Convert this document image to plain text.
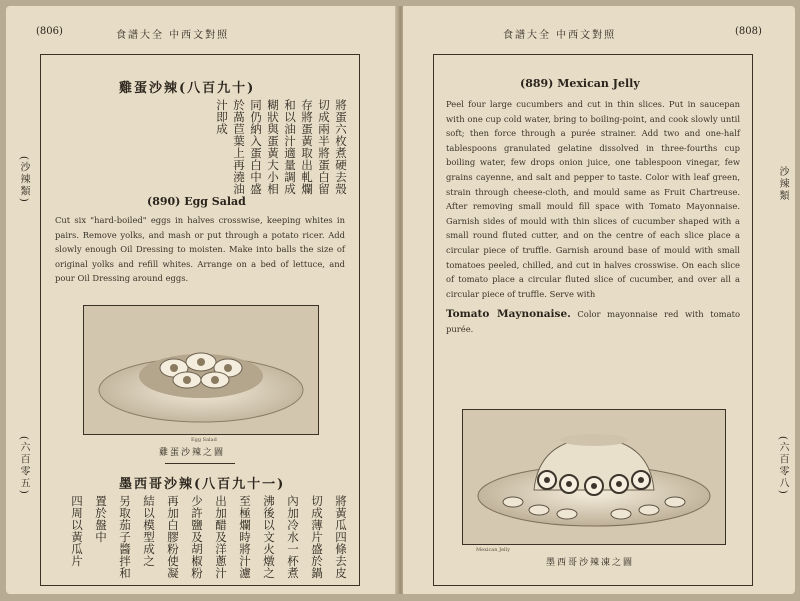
(806)	食譜大全 中西文對照
(沙辣類)
(六百零五)
雞蛋沙辣(八百九十)
將蛋六枚煮硬去殼
切成兩半將蛋白留
存將蛋黃取出軋爛
和以油汁適量調成
糊狀與蛋黃大小相
同仍納入蛋白中盛
於萵苣葉上再澆油
汁即成
(890) Egg Salad

Cut six "hard-boiled" eggs in halves crosswise, keeping whites in pairs. Remove yolks, and mash or put through a potato ricer. Add slowly enough Oil Dressing to moisten. Make into balls the size of original yolks and refill whites. Arrange on a bed of lettuce, and pour Oil Dressing around eggs.

Egg Salad
雞蛋沙辣之圖
墨西哥沙辣(八百九十一)
將黃瓜四條去皮
切成薄片盛於鍋
內加冷水一杯煮
沸後以文火燉之
至極爛時將汁濾
出加醋及洋蔥汁
少許鹽及胡椒粉
再加白膠粉使凝
結以模型成之
另取茄子醬拌和
置於盤中
四周以黃瓜片
食譜大全 中西文對照	(808)
沙辣類
(六百零八)
(889) Mexican Jelly

Peel four large cucumbers and cut in thin slices. Put in saucepan with one cup cold water, bring to boiling-point, and cook slowly until soft; then force through a purée strainer. Add two and one-half tablespoons granulated gelatine dissolved in three-fourths cup boiling water, few drops onion juice, one tablespoon vinegar, few grains cayenne, and salt and pepper to taste. Color with leaf green, strain through cheese-cloth, and mould same as Fruit Chartreuse. After removing small mould fill space with Tomato Mayonnaise. Garnish sides of mould with thin slices of cucumber shaped with a small round fluted cutter, and on the centre of each slice place a circular piece of truffle. Garnish around base of mould with small tomatoes peeled, chilled, and cut in halves crosswise. On each slice of tomato place a circular fluted slice of cucumber, and over all a circular piece of truffle. Serve with

Tomato Maynonaise. Color mayonnaise red with tomato purée.

Mexican Jelly
墨西哥沙辣凍之圖
